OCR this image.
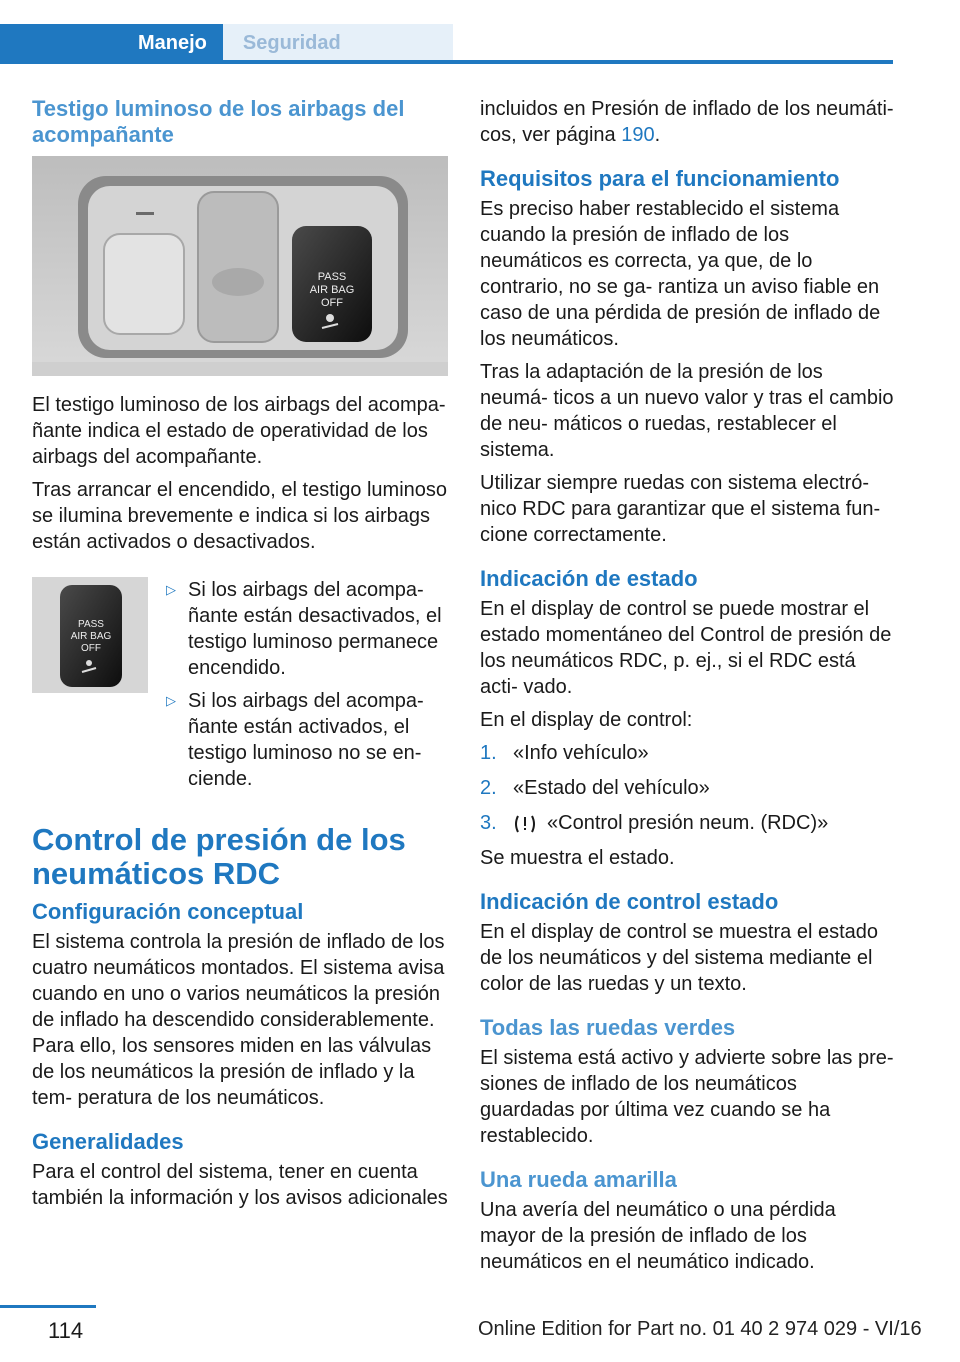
Manejo	Seguridad
Testigo luminoso de los airbags del acompañante
PASS
AIR BAG
OFF

El testigo luminoso de los airbags del acompa‐ ñante indica el estado de operatividad de los airbags del acompañante.

Tras arrancar el encendido, el testigo luminoso se ilumina brevemente e indica si los airbags están activados o desactivados.

PASS
AIR BAG
OFF
▷ Si los airbags del acompa‐ ñante están desactivados, el testigo luminoso permanece encendido.
▷ Si los airbags del acompa‐ ñante están activados, el testigo luminoso no se en‐ ciende.
Control de presión de los neumáticos RDC
Configuración conceptual

El sistema controla la presión de inflado de los cuatro neumáticos montados. El sistema avisa cuando en uno o varios neumáticos la presión de inflado ha descendido considerablemente. Para ello, los sensores miden en las válvulas de los neumáticos la presión de inflado y la tem‐ peratura de los neumáticos.

Generalidades

Para el control del sistema, tener en cuenta también la información y los avisos adicionales

incluidos en Presión de inflado de los neumáti‐ cos, ver página 190.

Requisitos para el funcionamiento

Es preciso haber restablecido el sistema cuando la presión de inflado de los neumáticos es correcta, ya que, de lo contrario, no se ga‐ rantiza un aviso fiable en caso de una pérdida de presión de inflado de los neumáticos.

Tras la adaptación de la presión de los neumá‐ ticos a un nuevo valor y tras el cambio de neu‐ máticos o ruedas, restablecer el sistema.

Utilizar siempre ruedas con sistema electró‐ nico RDC para garantizar que el sistema fun‐ cione correctamente.

Indicación de estado

En el display de control se puede mostrar el estado momentáneo del Control de presión de los neumáticos RDC, p. ej., si el RDC está acti‐ vado.

En el display de control:

1. «Info vehículo»
2. «Estado del vehículo»
3.	«Control presión neum. (RDC)»

Se muestra el estado.

Indicación de control estado

En el display de control se muestra el estado de los neumáticos y del sistema mediante el color de las ruedas y un texto.

Todas las ruedas verdes

El sistema está activo y advierte sobre las pre‐ siones de inflado de los neumáticos guardadas por última vez cuando se ha restablecido.

Una rueda amarilla

Una avería del neumático o una pérdida mayor de la presión de inflado de los neumáticos en el neumático indicado.

114	Online Edition for Part no. 01 40 2 974 029 - VI/16
